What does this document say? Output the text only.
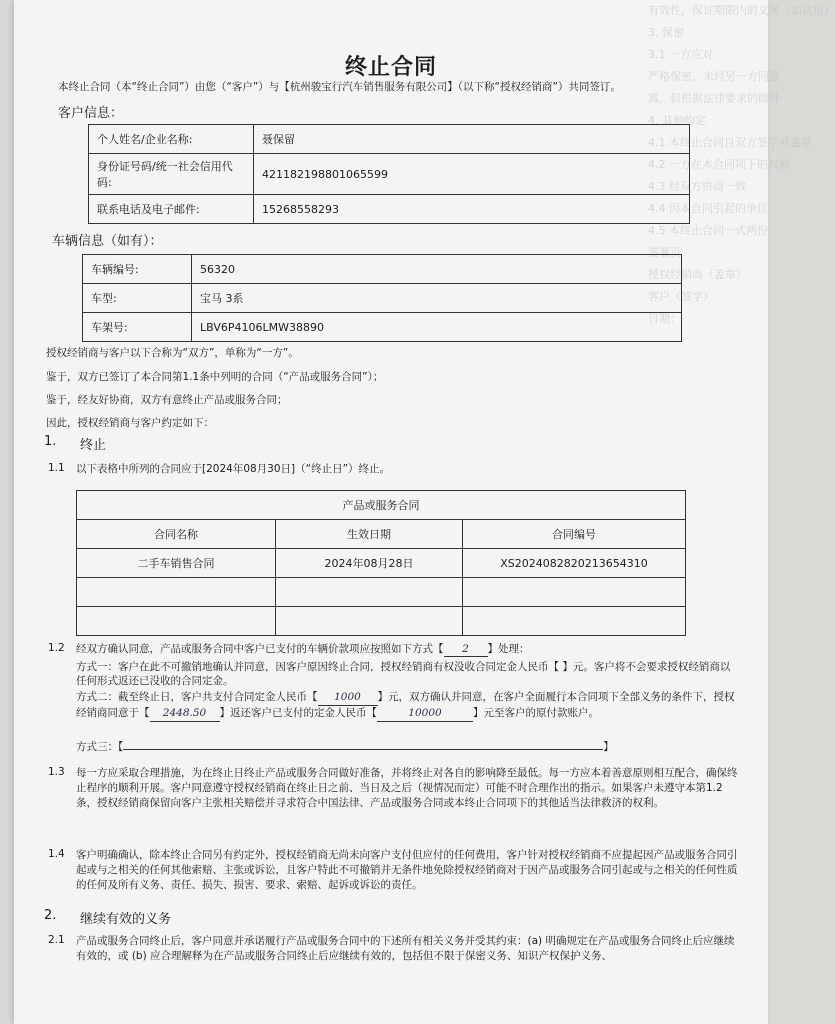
有效性，保证期限内的义务（如适用）
3. 保密
3.1 一方应对
严格保密，未经另一方同意
露，但根据法律要求的除外
4. 其他约定
4.1 本终止合同自双方签字或盖章
4.2 一方在本合同项下的权利
4.3 经双方协商一致
4.4 因本合同引起的争议
4.5 本终止合同一式两份
签署页
授权经销商（盖章）
客户（签字）
日期：
终止合同
本终止合同（本“终止合同”）由您（“客户”）与【杭州骏宝行汽车销售服务有限公司】（以下称“授权经销商”）共同签订。
客户信息：
个人姓名/企业名称:	聂保留
身份证号码/统一社会信用代码:	421182198801065599
联系电话及电子邮件:	15268558293
车辆信息（如有）：
车辆编号:	56320
车型:	宝马 3系
车架号:	LBV6P4106LMW38890
授权经销商与客户以下合称为“双方”，单称为“一方”。
鉴于，双方已签订了本合同第1.1条中列明的合同（“产品或服务合同”）；
鉴于，经友好协商，双方有意终止产品或服务合同；
因此，授权经销商与客户约定如下：
1. 终止
1.1 以下表格中所列的合同应于[2024年08月30日]（“终止日”）终止。
产品或服务合同		
合同名称	生效日期	合同编号
二手车销售合同	2024年08月28日	XS2024082820213654310

1.2 经双方确认同意，产品或服务合同中客户已支付的车辆价款项应按照如下方式【 2 】处理：
方式一：客户在此不可撤销地确认并同意，因客户原因终止合同，授权经销商有权没收合同定金人民币【 】元。客户将不会要求授权经销商以任何形式返还已没收的合同定金。
方式二：截至终止日，客户共支付合同定金人民币【 1000 】元，双方确认并同意，在客户全面履行本合同项下全部义务的条件下，授权经销商同意于【 2448.50 】返还客户已支付的定金人民币【	10000	】元至客户的原付款账户。
方式三：【	】
1.3 每一方应采取合理措施，为在终止日终止产品或服务合同做好准备，并将终止对各自的影响降至最低。每一方应本着善意原则相互配合，确保终止程序的顺利开展。客户同意遵守授权经销商在终止日之前、当日及之后（视情况而定）可能不时合理作出的指示。如果客户未遵守本第1.2条，授权经销商保留向客户主张相关赔偿并寻求符合中国法律、产品或服务合同或本终止合同项下的其他适当法律救济的权利。
1.4 客户明确确认，除本终止合同另有约定外，授权经销商无尚未向客户支付但应付的任何费用，客户针对授权经销商不应提起因产品或服务合同引起或与之相关的任何其他索赔、主张或诉讼，且客户特此不可撤销并无条件地免除授权经销商对于因产品或服务合同引起或与之相关的任何性质的任何及所有义务、责任、损失、损害、要求、索赔、起诉或诉讼的责任。
2. 继续有效的义务
2.1 产品或服务合同终止后，客户同意并承诺履行产品或服务合同中的下述所有相关义务并受其约束：(a) 明确规定在产品或服务合同终止后应继续有效的，或 (b) 应合理解释为在产品或服务合同终止后应继续有效的，包括但不限于保密义务、知识产权保护义务、
